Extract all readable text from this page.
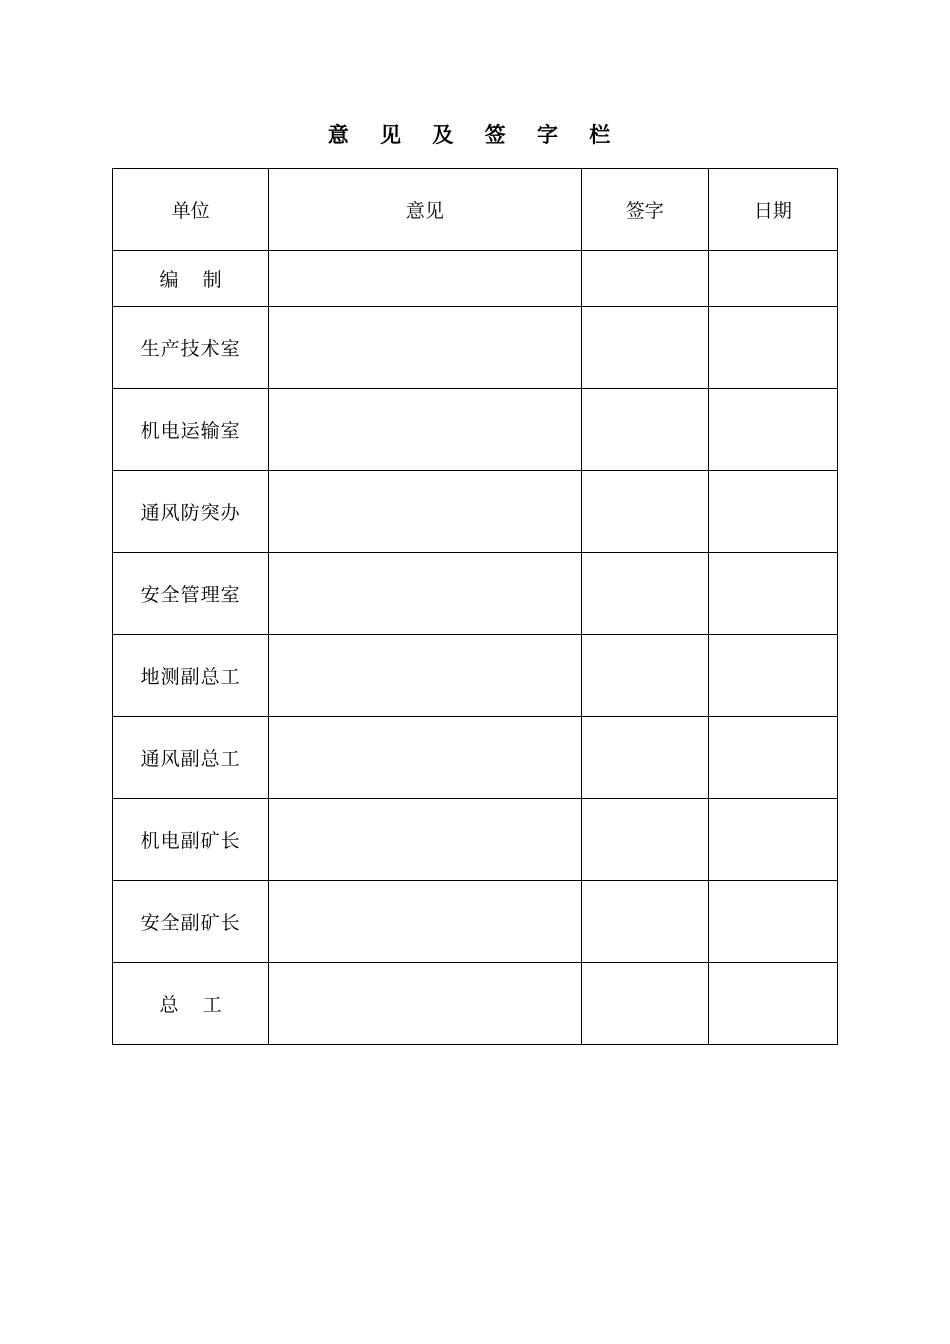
意 见 及 签 字 栏
单位	意见	签字	日期
编    制			
生产技术室			
机电运输室			
通风防突办			
安全管理室			
地测副总工			
通风副总工			
机电副矿长			
安全副矿长			
总    工			
